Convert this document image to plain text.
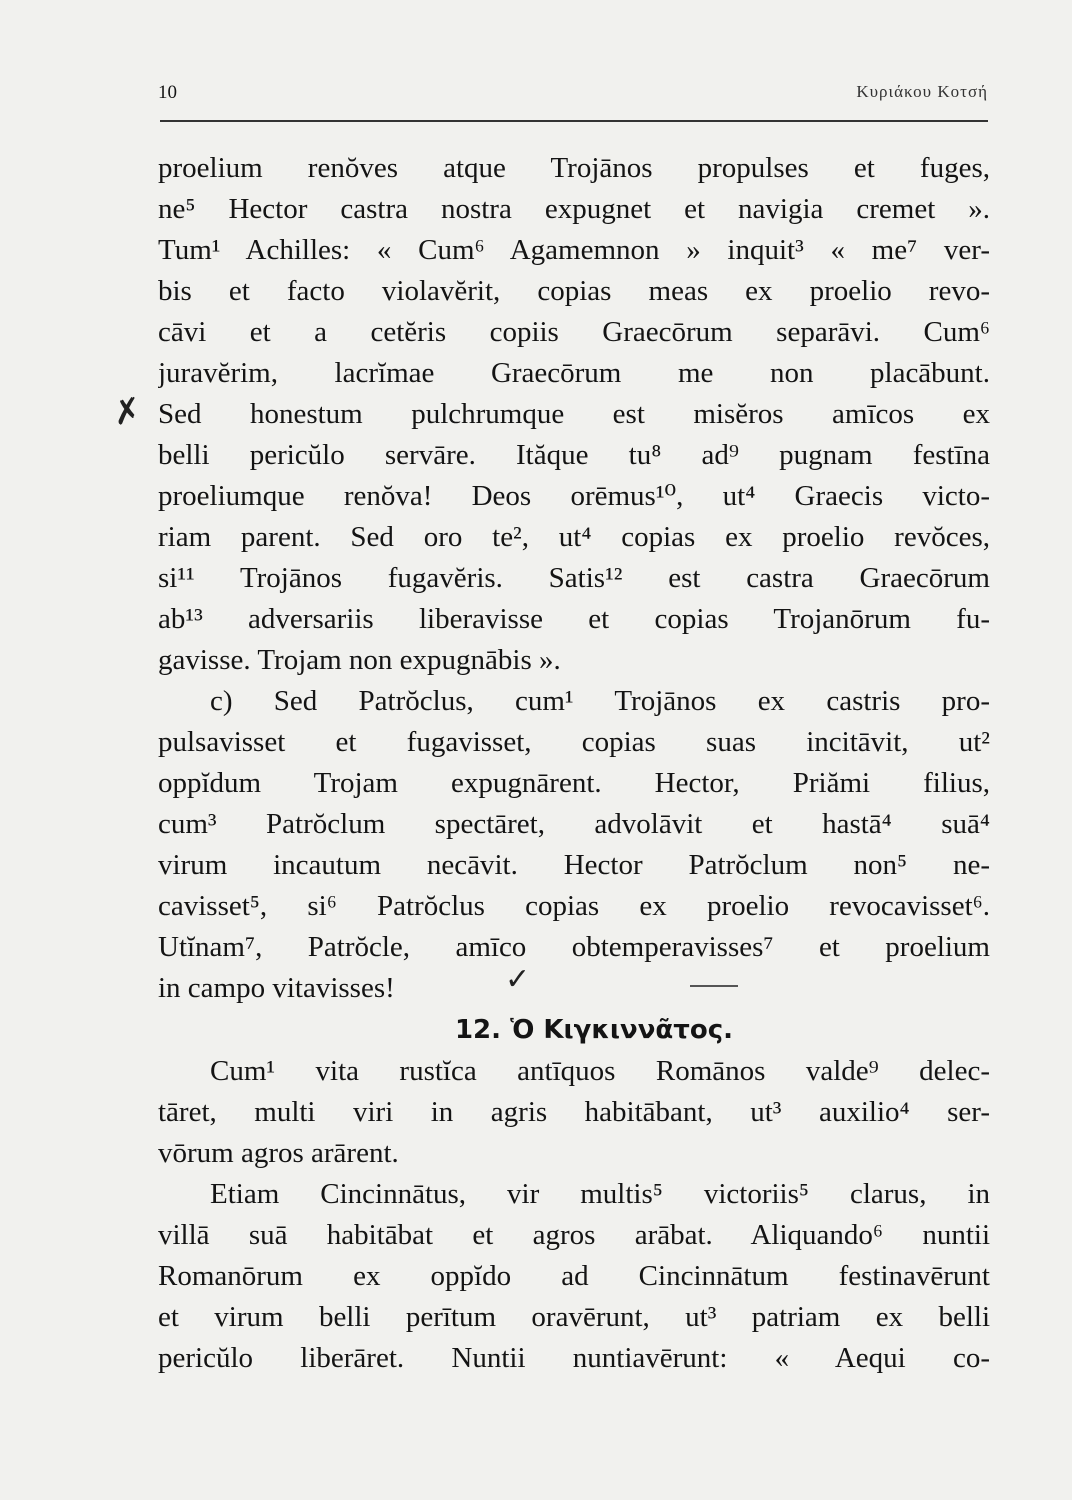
10	Κυριάκου Κοτσή
proelium renŏves atque Trojānos propulses et fuges,
ne⁵ Hector castra nostra expugnet et navigia cremet ».
Tum¹ Achilles: « Cum⁶ Agamemnon » inquit³ « me⁷ ver-
bis et facto violavĕrit, copias meas ex proelio revo-
cāvi et a cetĕris copiis Graecōrum separāvi. Cum⁶
juravĕrim, lacrĭmae Graecōrum me non placābunt.
Sed honestum pulchrumque est misĕros amīcos ex
belli pericŭlo servāre. Ităque tu⁸ ad⁹ pugnam festīna
proeliumque renŏva! Deos orēmus¹⁰, ut⁴ Graecis victo-
riam parent. Sed oro te², ut⁴ copias ex proelio revŏces,
si¹¹ Trojānos fugavĕris. Satis¹² est castra Graecōrum
ab¹³ adversariis liberavisse et copias Trojanōrum fu-
gavisse. Trojam non expugnābis ».
c) Sed Patrŏclus, cum¹ Trojānos ex castris pro-
pulsavisset et fugavisset, copias suas incitāvit, ut²
oppĭdum Trojam expugnārent. Hector, Priămi filius,
cum³ Patrŏclum spectāret, advolāvit et hastā⁴ suā⁴
virum incautum necāvit. Hector Patrŏclum non⁵ ne-
cavisset⁵, si⁶ Patrŏclus copias ex proelio revocavisset⁶.
Utĭnam⁷, Patrŏcle, amīco obtemperavisses⁷ et proelium
in campo vitavisses!
12. Ὁ Κιγκιννᾶτος.
Cum¹ vita rustĭca antīquos Romānos valde⁹ delec-
tāret, multi viri in agris habitābant, ut³ auxilio⁴ ser-
vōrum agros arārent.
Etiam Cincinnātus, vir multis⁵ victoriis⁵ clarus, in
villā suā habitābat et agros arābat. Aliquando⁶ nuntii
Romanōrum ex oppĭdo ad Cincinnātum festinavērunt
et virum belli perītum oravērunt, ut³ patriam ex belli
pericŭlo liberāret. Nuntii nuntiavērunt: « Aequi co-
✗
✓
